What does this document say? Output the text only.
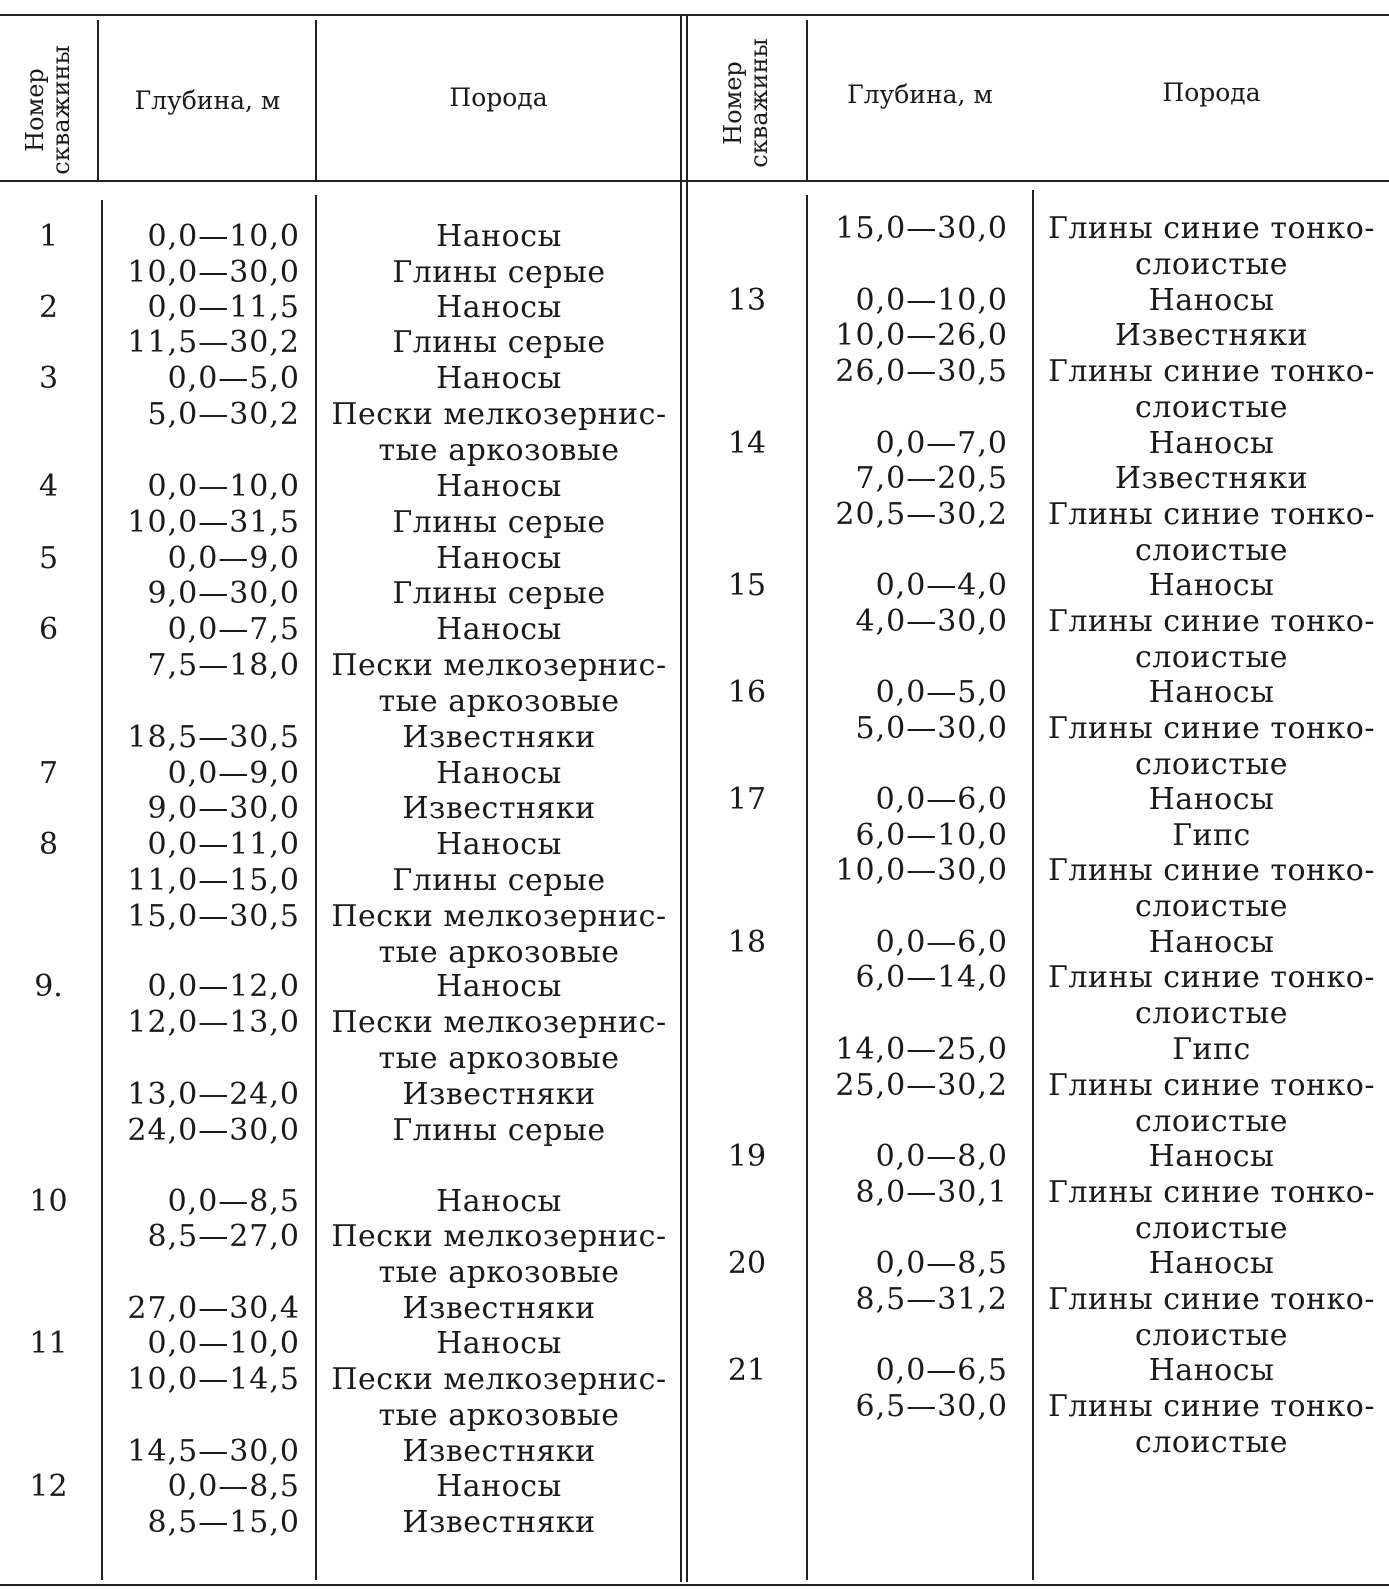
Номер
скважины	Глубина, м	Порода	Номер
скважины	Глубина, м	Порода
1	0,0—10,0	Наносы
10,0—30,0	Глины серые
2	0,0—11,5	Наносы
11,5—30,2	Глины серые
3	0,0—5,0	Наносы
5,0—30,2	Пески мелкозернис-
тые аркозовые
4	0,0—10,0	Наносы
10,0—31,5	Глины серые
5	0,0—9,0	Наносы
9,0—30,0	Глины серые
6	0,0—7,5	Наносы
7,5—18,0	Пески мелкозернис-
тые аркозовые
18,5—30,5	Известняки
7	0,0—9,0	Наносы
9,0—30,0	Известняки
8	0,0—11,0	Наносы
11,0—15,0	Глины серые
15,0—30,5	Пески мелкозернис-
тые аркозовые
9.	0,0—12,0	Наносы
12,0—13,0	Пески мелкозернис-
тые аркозовые
13,0—24,0	Известняки
24,0—30,0	Глины серые
10	0,0—8,5	Наносы
8,5—27,0	Пески мелкозернис-
тые аркозовые
27,0—30,4	Известняки
11	0,0—10,0	Наносы
10,0—14,5	Пески мелкозернис-
тые аркозовые
14,5—30,0	Известняки
12	0,0—8,5	Наносы
8,5—15,0	Известняки
15,0—30,0	Глины синие тонко-
слоистые
13	0,0—10,0	Наносы
10,0—26,0	Известняки
26,0—30,5	Глины синие тонко-
слоистые
14	0,0—7,0	Наносы
7,0—20,5	Известняки
20,5—30,2	Глины синие тонко-
слоистые
15	0,0—4,0	Наносы
4,0—30,0	Глины синие тонко-
слоистые
16	0,0—5,0	Наносы
5,0—30,0	Глины синие тонко-
слоистые
17	0,0—6,0	Наносы
6,0—10,0	Гипс
10,0—30,0	Глины синие тонко-
слоистые
18	0,0—6,0	Наносы
6,0—14,0	Глины синие тонко-
слоистые
14,0—25,0	Гипс
25,0—30,2	Глины синие тонко-
слоистые
19	0,0—8,0	Наносы
8,0—30,1	Глины синие тонко-
слоистые
20	0,0—8,5	Наносы
8,5—31,2	Глины синие тонко-
слоистые
21	0,0—6,5	Наносы
6,5—30,0	Глины синие тонко-
слоистые
